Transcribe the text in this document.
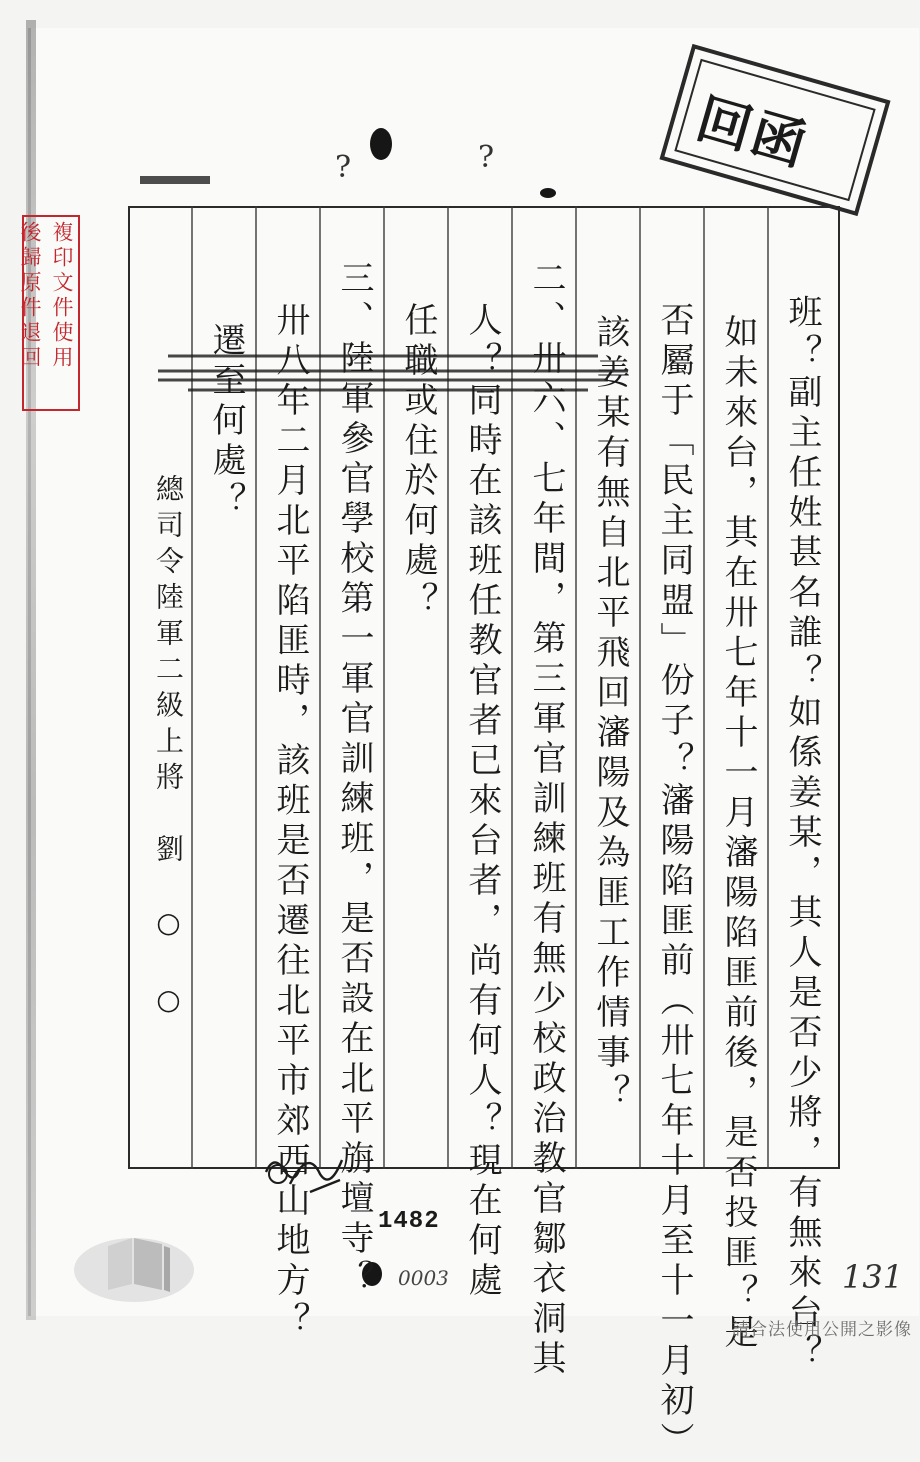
複印文件使用
後歸原件退回
回函
?	?
班？副主任姓甚名誰？如係姜某，其人是否少將，有無來台？
如未來台，其在卅七年十一月瀋陽陷匪前後，是否投匪？是
否屬于「民主同盟」份子？瀋陽陷匪前（卅七年十月至十一月初）
該姜某有無自北平飛回瀋陽及為匪工作情事？
二、卅六、七年間，第三軍官訓練班有無少校政治教官鄒衣洞其
人？同時在該班任教官者已來台者，尚有何人？現在何處
任職或住於何處？
三、陸軍參官學校第一軍官訓練班，是否設在北平旃壇寺？
卅八年二月北平陷匪時，該班是否遷往北平市郊西山地方？
遷至何處？
總司令陸軍二級上將　劉　○　○
1482
0003	131
請合法使用公開之影像
